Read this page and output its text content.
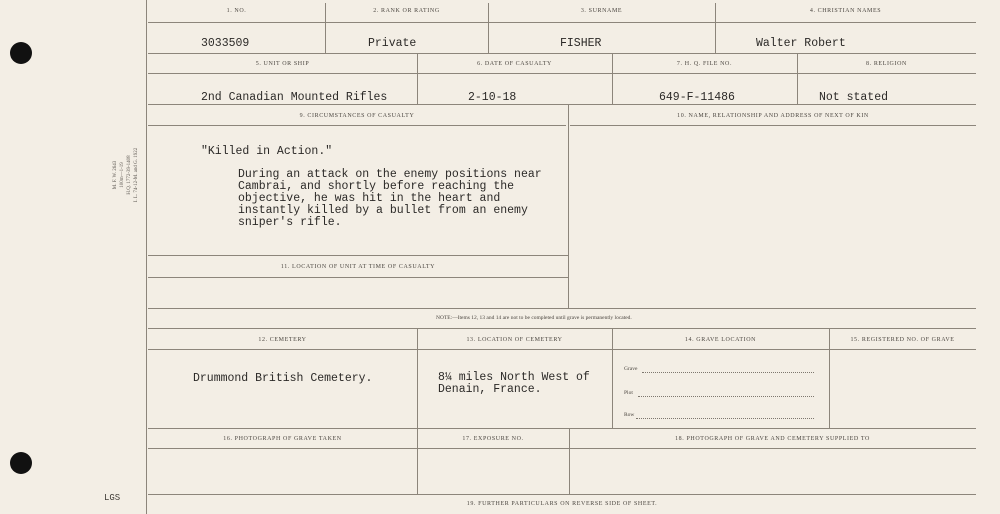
M. F. W. 2643
100m—1-19
H.Q. 1772-39-1408
I. L. 74-12-M. and G. 1922
1. NO.	2. RANK OR RATING	3. SURNAME	4. CHRISTIAN NAMES
3033509	Private	FISHER	Walter Robert
5. UNIT OR SHIP	6. DATE OF CASUALTY	7. H. Q. FILE NO.	8. RELIGION
2nd Canadian Mounted Rifles	2-10-18	649-F-11486	Not stated
9. CIRCUMSTANCES OF CASUALTY	10. NAME, RELATIONSHIP AND ADDRESS OF NEXT OF KIN
11. LOCATION OF UNIT AT TIME OF CASUALTY
"Killed in Action."
During an attack on the enemy positions near
Cambrai, and shortly before reaching the
objective, he was hit in the heart and
instantly killed by a bullet from an enemy
sniper's rifle.
NOTE:—Items 12, 13 and 14 are not to be completed until grave is permanently located.
12. CEMETERY	13. LOCATION OF CEMETERY	14. GRAVE LOCATION	15. REGISTERED NO. OF GRAVE
Drummond British Cemetery.	8¼ miles North West of
Denain, France.
Grave
Plot
Row
16. PHOTOGRAPH OF GRAVE TAKEN	17. EXPOSURE NO.	18. PHOTOGRAPH OF GRAVE AND CEMETERY SUPPLIED TO
19. FURTHER PARTICULARS ON REVERSE SIDE OF SHEET.
LGS
